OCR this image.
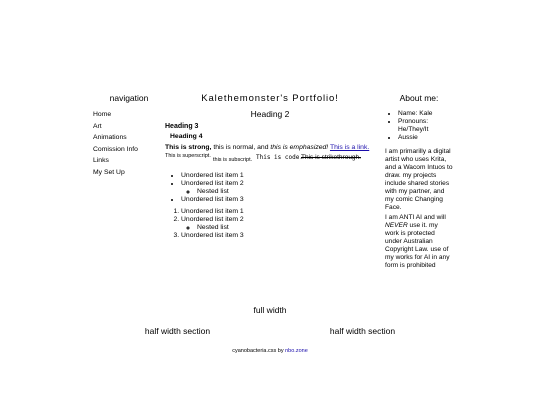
navigation
Home
Art
Animations
Comission Info
Links
My Set Up
Kalethemonster's Portfolio!
Heading 2
Heading 3
Heading 4

This is strong, this is normal, and this is emphasized! This is a link.

This is superscript.
this is subscript. This is code.
This is strikethrough.
• Unordered list item 1
• Unordered list item 2
◦ Nested list
• Unordered list item 3
1. Unordered list item 1
2. Unordered list item 2
◦ Nested list
3. Unordered list item 3
About me:
• Name: Kale
• Pronouns: He/They/It
• Aussie

I am primarilly a digital artist who uses Krita, and a Wacom Intuos to draw. my projects include shared stories with my partner, and my comic Changing Face.

I am ANTI AI and will NEVER use it. my work is protected under Australian Copyright Law. use of my works for AI in any form is prohibited

full width
half width section	half width section
cyanobacteria.css by nbo.zone
